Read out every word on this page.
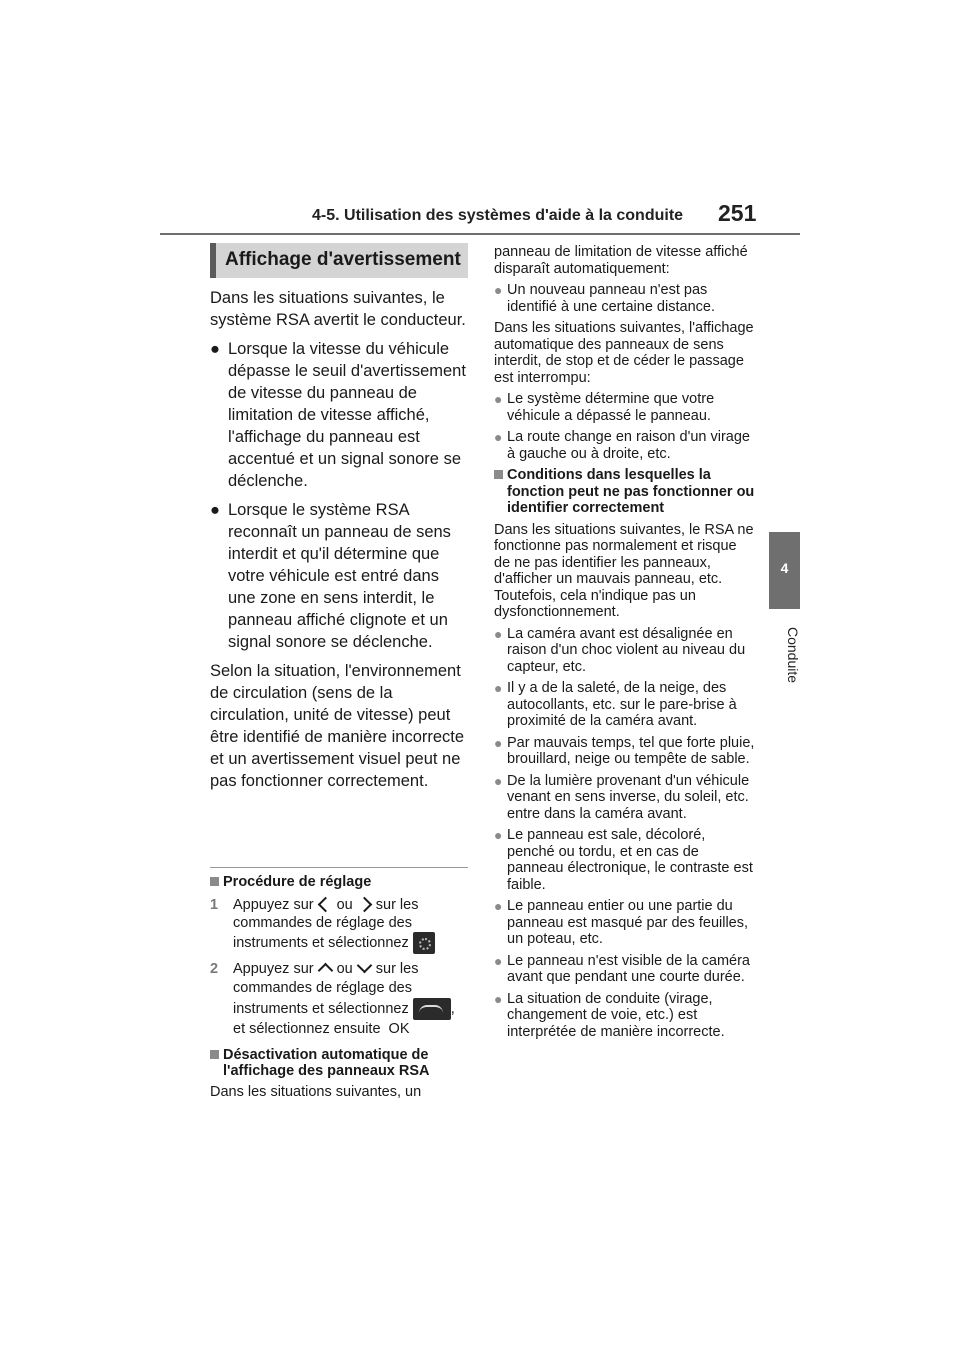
4-5. Utilisation des systèmes d'aide à la conduite 251
4
Conduite
Affichage d'avertissement

Dans les situations suivantes, le système RSA avertit le conducteur.

● Lorsque la vitesse du véhicule dépasse le seuil d'avertissement de vitesse du panneau de limitation de vitesse affiché, l'affichage du panneau est accentué et un signal sonore se déclenche.
● Lorsque le système RSA reconnaît un panneau de sens interdit et qu'il détermine que votre véhicule est entré dans une zone en sens interdit, le panneau affiché clignote et un signal sonore se déclenche.

Selon la situation, l'environnement de circulation (sens de la circulation, unité de vitesse) peut être identifié de manière incorrecte et un avertissement visuel peut ne pas fonctionner correctement.

Procédure de réglage

1 Appuyez sur ou sur les commandes de réglage des instruments et sélectionnez
2 Appuyez sur ou sur les commandes de réglage des instruments et sélectionnez	,
et sélectionnez ensuite OK

Désactivation automatique de l'affichage des panneaux RSA

Dans les situations suivantes, un

panneau de limitation de vitesse affiché disparaît automatiquement:

● Un nouveau panneau n'est pas identifié à une certaine distance.

Dans les situations suivantes, l'affichage automatique des panneaux de sens interdit, de stop et de céder le passage est interrompu:

● Le système détermine que votre véhicule a dépassé le panneau.
● La route change en raison d'un virage à gauche ou à droite, etc.

Conditions dans lesquelles la fonction peut ne pas fonctionner ou identifier correctement

Dans les situations suivantes, le RSA ne fonctionne pas normalement et risque de ne pas identifier les panneaux, d'afficher un mauvais panneau, etc. Toutefois, cela n'indique pas un dysfonctionnement.

● La caméra avant est désalignée en raison d'un choc violent au niveau du capteur, etc.
● Il y a de la saleté, de la neige, des autocollants, etc. sur le pare-brise à proximité de la caméra avant.
● Par mauvais temps, tel que forte pluie, brouillard, neige ou tempête de sable.
● De la lumière provenant d'un véhicule venant en sens inverse, du soleil, etc. entre dans la caméra avant.
● Le panneau est sale, décoloré, penché ou tordu, et en cas de panneau électronique, le contraste est faible.
● Le panneau entier ou une partie du panneau est masqué par des feuilles, un poteau, etc.
● Le panneau n'est visible de la caméra avant que pendant une courte durée.
● La situation de conduite (virage, changement de voie, etc.) est interprétée de manière incorrecte.
